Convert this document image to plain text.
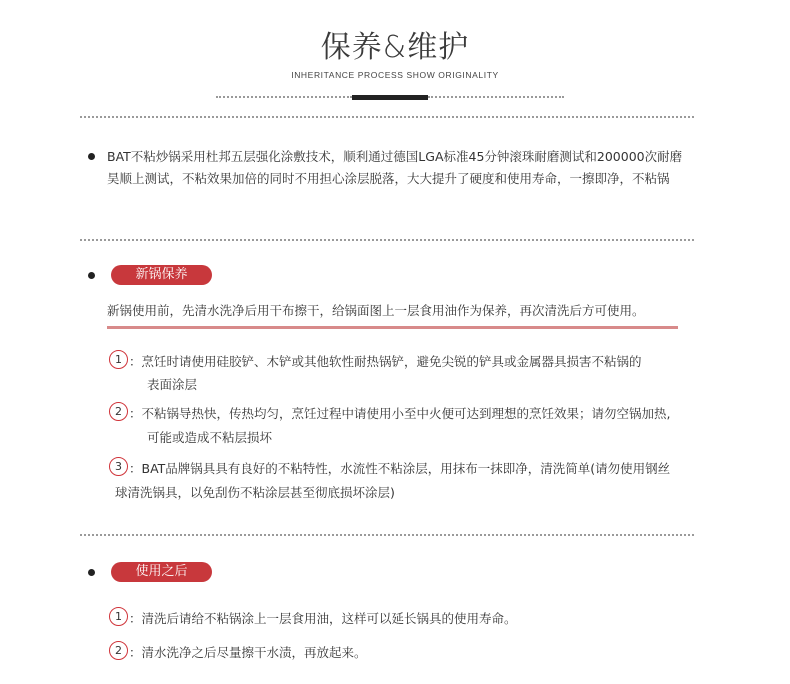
保养&维护
INHERITANCE PROCESS SHOW ORIGINALITY
BAT不粘炒锅采用杜邦五层强化涂敷技术，顺利通过德国LGA标准45分钟滚珠耐磨测试和200000次耐磨
昊顺上测试，不粘效果加倍的同时不用担心涂层脱落，大大提升了硬度和使用寿命，一擦即净，不粘锅
新锅保养
新锅使用前，先清水洗净后用干布擦干，给锅面图上一层食用油作为保养，再次清洗后方可使用。
1 ：烹饪时请使用硅胶铲、木铲或其他软性耐热锅铲，避免尖锐的铲具或金属器具损害不粘锅的
表面涂层
2 ：不粘锅导热快，传热均匀，烹饪过程中请使用小至中火便可达到理想的烹饪效果；请勿空锅加热,
可能或造成不粘层损坏
3 ：BAT品牌锅具具有良好的不粘特性，水流性不粘涂层，用抹布一抹即净，清洗简单(请勿使用钢丝
球清洗锅具，以免刮伤不粘涂层甚至彻底损坏涂层)
使用之后
1 ：清洗后请给不粘锅涂上一层食用油，这样可以延长锅具的使用寿命。
2 ：清水洗净之后尽量擦干水渍，再放起来。
